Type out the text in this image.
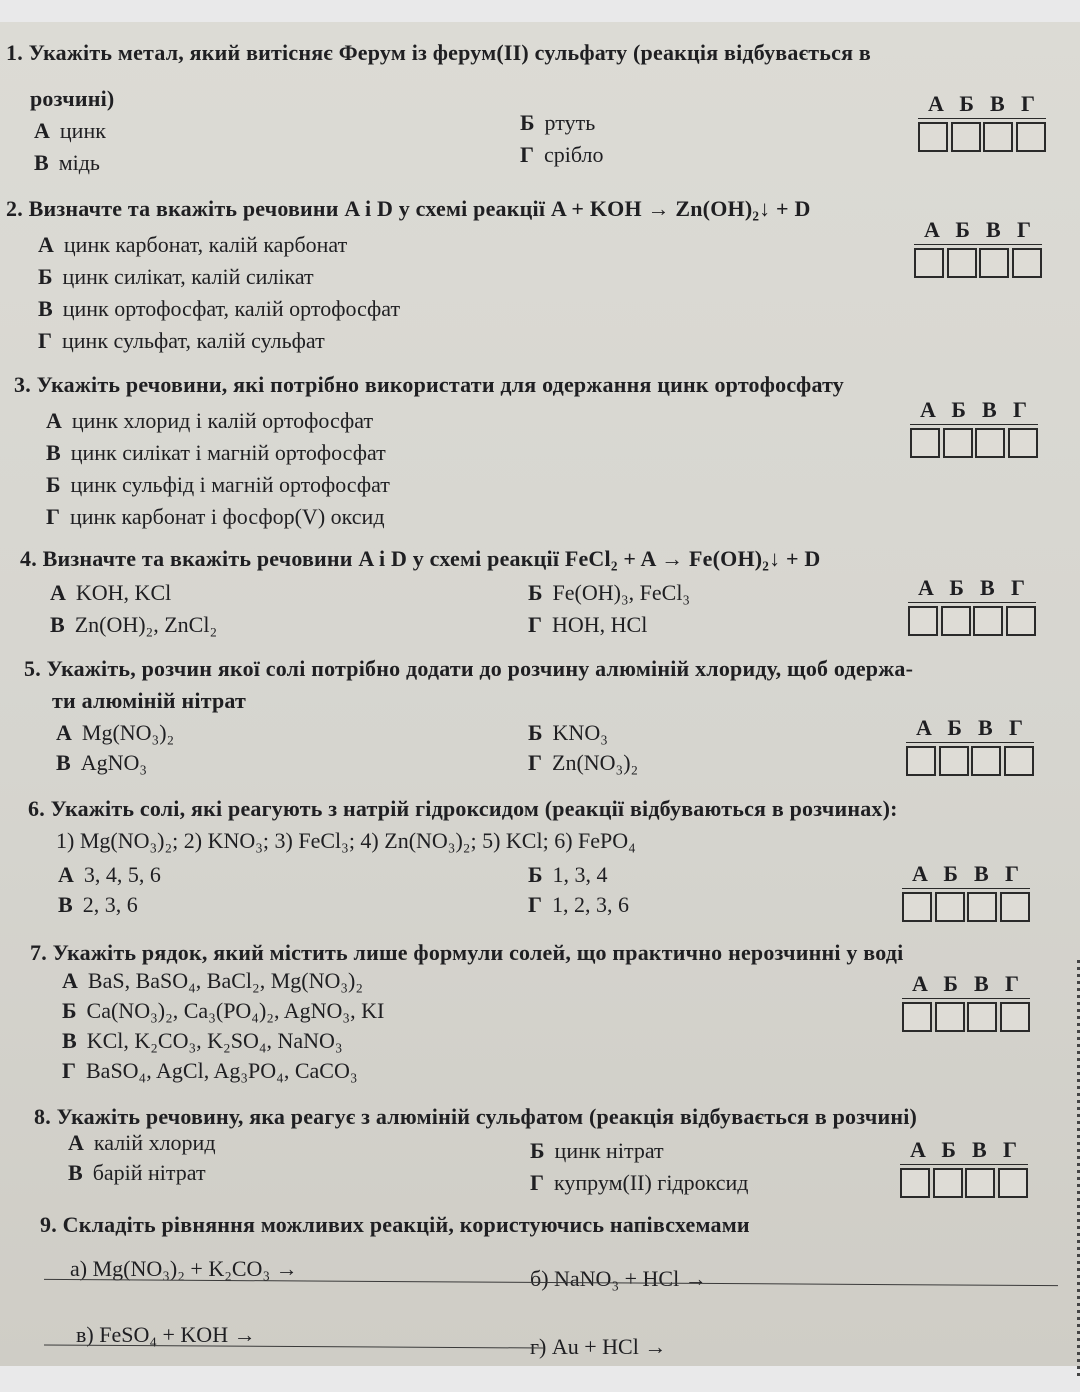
1. Укажіть метал, який витісняє Ферум із ферум(II) сульфату (реакція відбувається в
розчині)
А цинк	Б ртуть
В мідь	Г срібло
А Б В Г
2. Визначте та вкажіть речовини A і D у схемі реакції A + KOH → Zn(OH)₂↓ + D
А цинк карбонат, калій карбонат
Б цинк силікат, калій силікат
В цинк ортофосфат, калій ортофосфат
Г цинк сульфат, калій сульфат
А Б В Г
3. Укажіть речовини, які потрібно використати для одержання цинк ортофосфату
А цинк хлорид і калій ортофосфат
В цинк силікат і магній ортофосфат
Б цинк сульфід і магній ортофосфат
Г цинк карбонат і фосфор(V) оксид
А Б В Г
4. Визначте та вкажіть речовини A і D у схемі реакції FeCl₂ + A → Fe(OH)₂↓ + D
А KOH, KCl	Б Fe(OH)₃, FeCl₃
В Zn(OH)₂, ZnCl₂	Г HOH, HCl
А Б В Г
5. Укажіть, розчин якої солі потрібно додати до розчину алюміній хлориду, щоб одержа-
ти алюміній нітрат
А Mg(NO₃)₂	Б KNO₃
В AgNO₃	Г Zn(NO₃)₂
А Б В Г
6. Укажіть солі, які реагують з натрій гідроксидом (реакції відбуваються в розчинах):
1) Mg(NO₃)₂; 2) KNO₃; 3) FeCl₃; 4) Zn(NO₃)₂; 5) KCl; 6) FePO₄
А 3, 4, 5, 6	Б 1, 3, 4
В 2, 3, 6	Г 1, 2, 3, 6
А Б В Г
7. Укажіть рядок, який містить лише формули солей, що практично нерозчинні у воді
А BaS, BaSO₄, BaCl₂, Mg(NO₃)₂
Б Ca(NO₃)₂, Ca₃(PO₄)₂, AgNO₃, KI
В KCl, K₂CO₃, K₂SO₄, NaNO₃
Г BaSO₄, AgCl, Ag₃PO₄, CaCO₃
А Б В Г
8. Укажіть речовину, яка реагує з алюміній сульфатом (реакція відбувається в розчині)
А калій хлорид	Б цинк нітрат
В барій нітрат	Г купрум(II) гідроксид
А Б В Г
9. Складіть рівняння можливих реакцій, користуючись напівсхемами
а) Mg(NO₃)₂ + K₂CO₃ →	б) NaNO₃ + HCl →
в) FeSO₄ + KOH →	г) Au + HCl →
